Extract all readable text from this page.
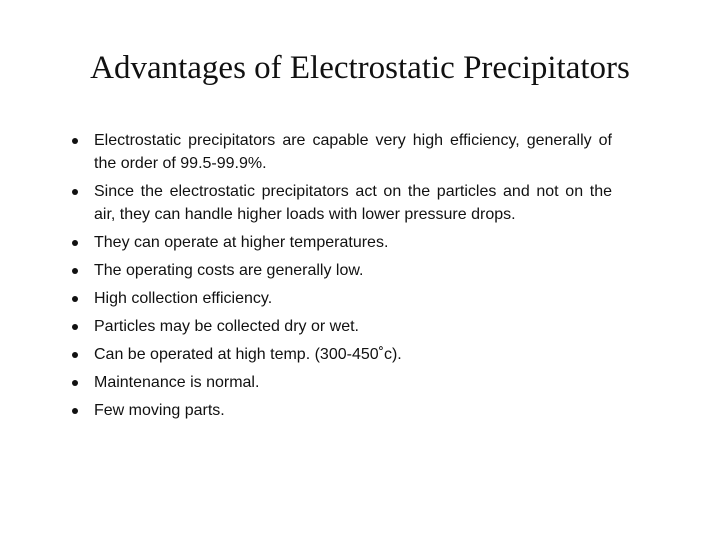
Advantages of Electrostatic Precipitators
Electrostatic precipitators are capable very high efficiency, generally of the order of 99.5-99.9%.
Since the electrostatic precipitators act on the particles and not on the air, they can handle higher loads with lower pressure drops.
They can operate at higher temperatures.
The operating costs are generally low.
High collection efficiency.
Particles may be collected dry or wet.
Can be operated at high temp. (300-450˚c).
Maintenance is normal.
Few moving parts.
